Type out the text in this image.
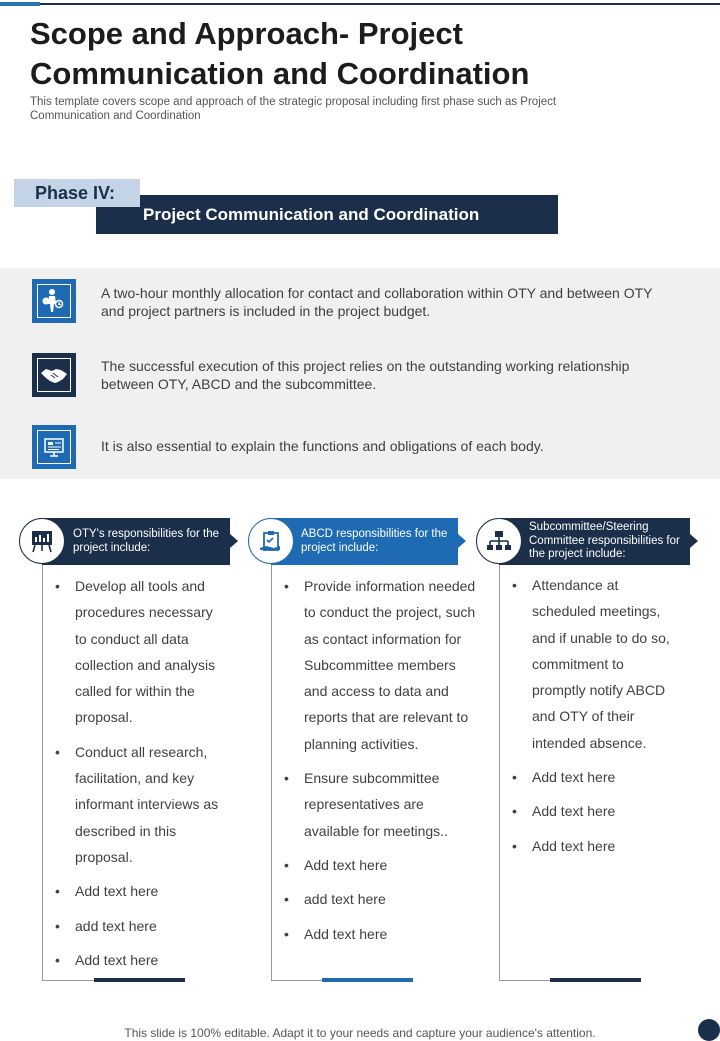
Scope and Approach- Project Communication and Coordination
This template covers scope and approach of the strategic proposal including first phase such as Project Communication and Coordination
Project Communication and Coordination
Phase IV:
A two-hour monthly allocation for contact and collaboration within OTY and between OTY and project partners is included in the project budget.
The successful execution of this project relies on the outstanding working relationship between OTY, ABCD and the subcommittee.
It is also essential to explain the functions and obligations of each body.
OTY's responsibilities for the project include:
• Develop all tools and procedures necessary to conduct all data collection and analysis called for within the proposal.
• Conduct all research, facilitation, and key informant interviews as described in this proposal.
• Add text here
• add text here
• Add text here
ABCD responsibilities for the project include:
• Provide information needed to conduct the project, such as contact information for Subcommittee members and access to data and reports that are relevant to planning activities.
• Ensure subcommittee representatives are available for meetings..
• Add text here
• add text here
• Add text here
Subcommittee/Steering Committee responsibilities for the project include:
• Attendance at scheduled meetings, and if unable to do so, commitment to promptly notify ABCD and OTY of their intended absence.
• Add text here
• Add text here
• Add text here
This slide is 100% editable. Adapt it to your needs and capture your audience's attention.
